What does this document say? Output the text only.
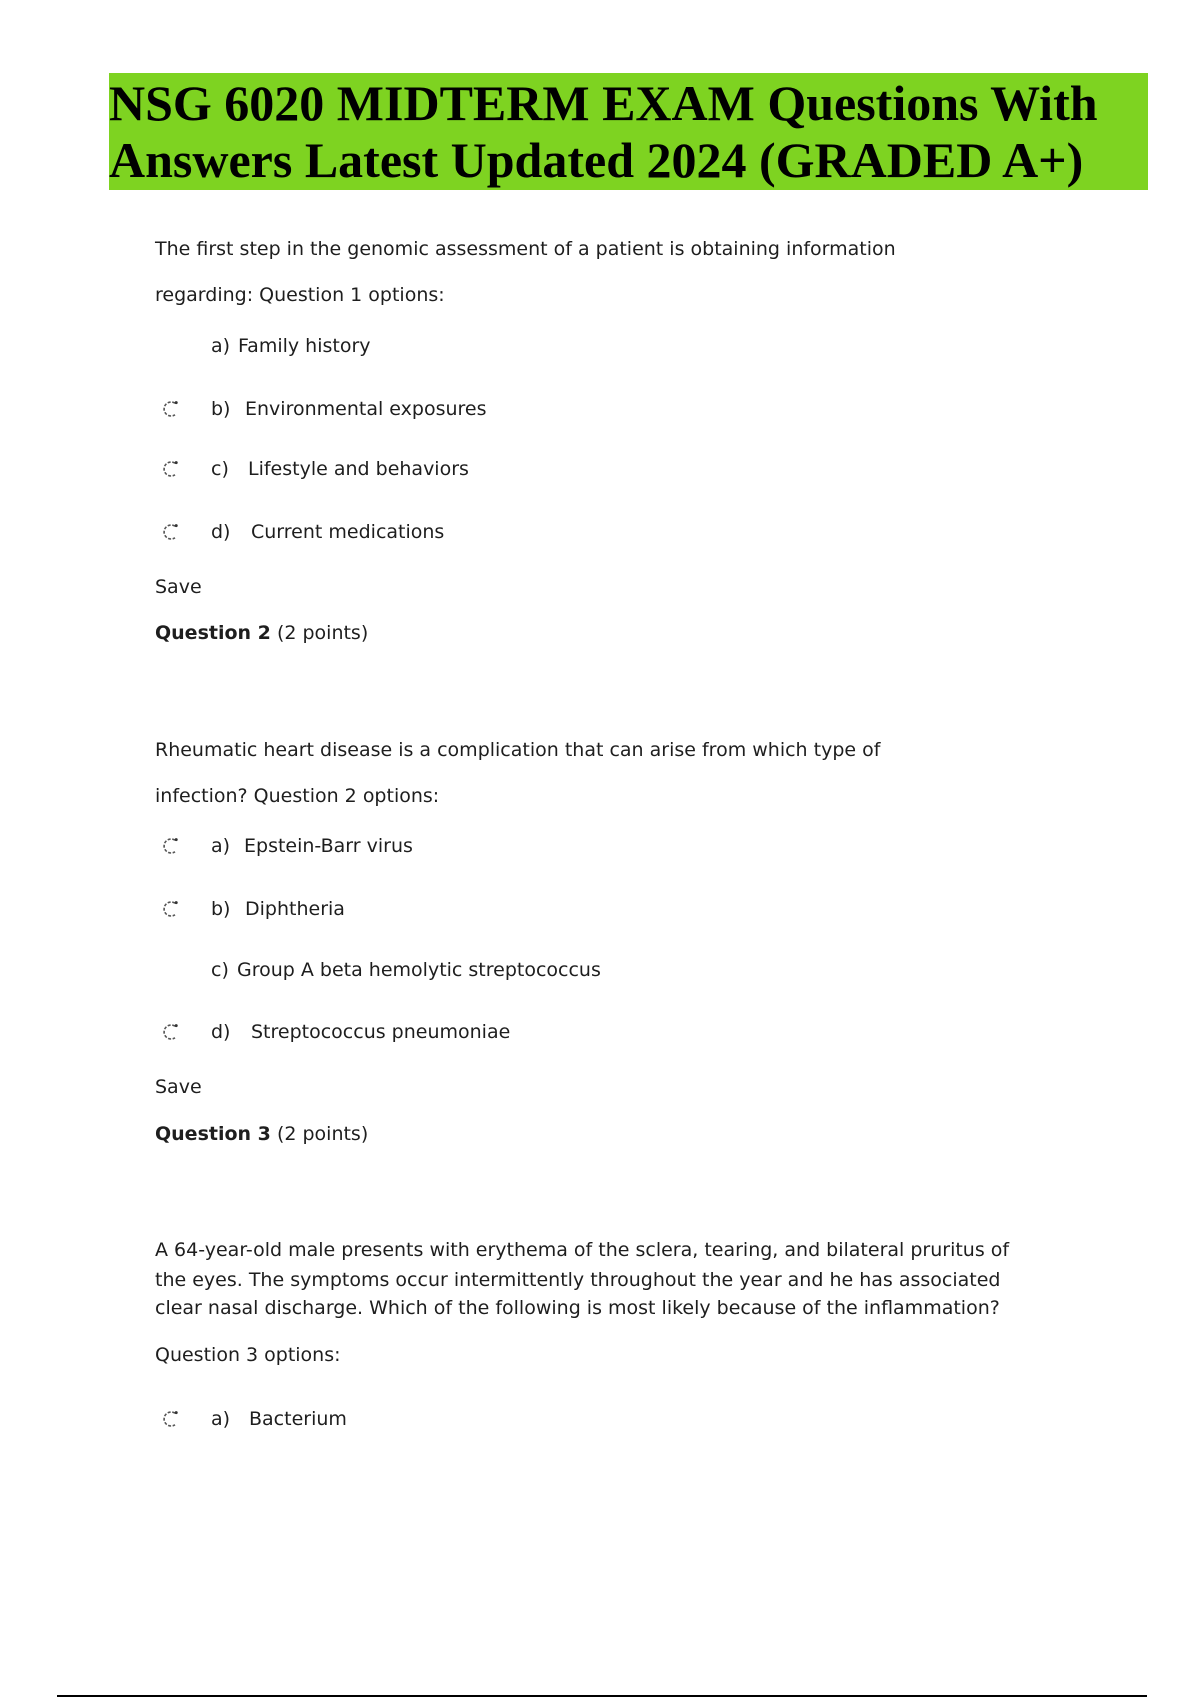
NSG 6020 MIDTERM EXAM Questions With
Answers Latest Updated 2024 (GRADED A+)
The first step in the genomic assessment of a patient is obtaining information
regarding: Question 1 options:
a) Family history
b) Environmental exposures
c) Lifestyle and behaviors
d) Current medications
Save
Question 2 (2 points)
Rheumatic heart disease is a complication that can arise from which type of
infection? Question 2 options:
a) Epstein-Barr virus
b) Diphtheria
c) Group A beta hemolytic streptococcus
d) Streptococcus pneumoniae
Save
Question 3 (2 points)
A 64-year-old male presents with erythema of the sclera, tearing, and bilateral pruritus of
the eyes. The symptoms occur intermittently throughout the year and he has associated
clear nasal discharge. Which of the following is most likely because of the inflammation?
Question 3 options:
a) Bacterium
